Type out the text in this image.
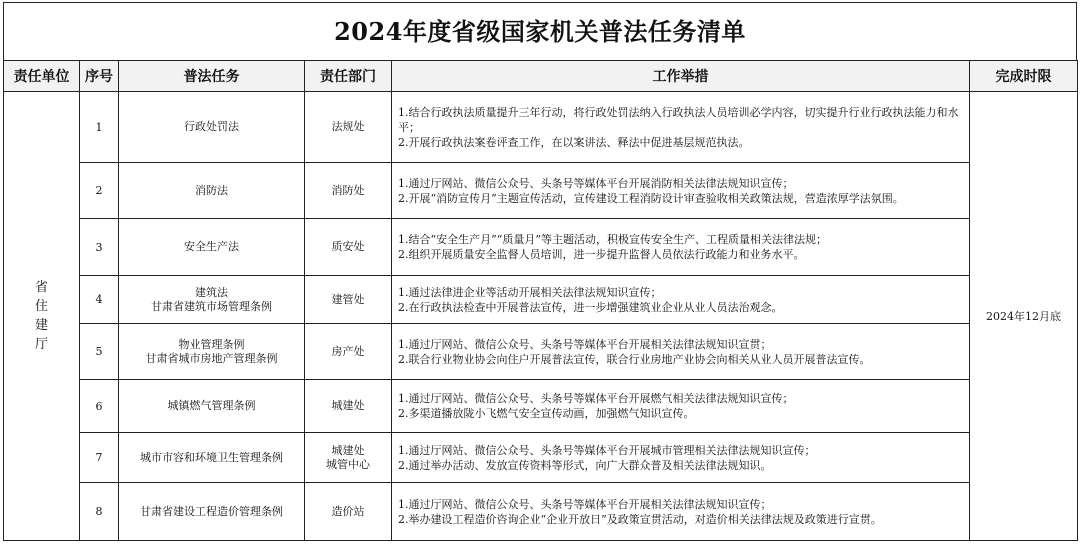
2024年度省级国家机关普法任务清单
责任单位	序号	普法任务	责任部门	工作举措	完成时限

省
住
建
厅	1	行政处罚法	法规处	1.结合行政执法质量提升三年行动，将行政处罚法纳入行政执法人员培训必学内容，切实提升行业行政执法能力和水平；
2.开展行政执法案卷评查工作，在以案讲法、释法中促进基层规范执法。	2024年12月底
	2	消防法	消防处	1.通过厅网站、微信公众号、头条号等媒体平台开展消防相关法律法规知识宣传；
2.开展“消防宣传月”主题宣传活动，宣传建设工程消防设计审查验收相关政策法规，营造浓厚学法氛围。	

	3	安全生产法	质安处	1.结合“安全生产月”“质量月”等主题活动，积极宣传安全生产、工程质量相关法律法规；
2.组织开展质量安全监督人员培训，进一步提升监督人员依法行政能力和业务水平。	

	4	建筑法
甘肃省建筑市场管理条例	建管处	1.通过法律进企业等活动开展相关法律法规知识宣传；
2.在行政执法检查中开展普法宣传，进一步增强建筑业企业从业人员法治观念。	

	5	物业管理条例
甘肃省城市房地产管理条例	房产处	1.通过厅网站、微信公众号、头条号等媒体平台开展相关法律法规知识宣贯；
2.联合行业物业协会向住户开展普法宣传，联合行业房地产业协会向相关从业人员开展普法宣传。	

	6	城镇燃气管理条例	城建处	1.通过厅网站、微信公众号、头条号等媒体平台开展燃气相关法律法规知识宣传；
2.多渠道播放陇小飞燃气安全宣传动画，加强燃气知识宣传。	

	7	城市市容和环境卫生管理条例	城建处
城管中心	1.通过厅网站、微信公众号、头条号等媒体平台开展城市管理相关法律法规知识宣传；
2.通过举办活动、发放宣传资料等形式，向广大群众普及相关法律法规知识。	

	8	甘肃省建设工程造价管理条例	造价站	1.通过厅网站、微信公众号、头条号等媒体平台开展相关法律法规知识宣传；
2.举办建设工程造价咨询企业“企业开放日”及政策宣贯活动，对造价相关法律法规及政策进行宣贯。	
